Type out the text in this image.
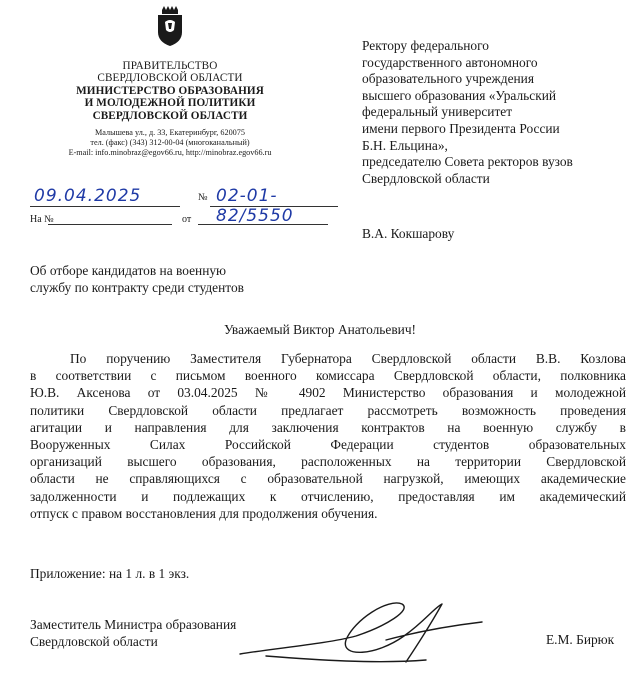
ПРАВИТЕЛЬСТВО
СВЕРДЛОВСКОЙ ОБЛАСТИ
МИНИСТЕРСТВО ОБРАЗОВАНИЯ
И МОЛОДЕЖНОЙ ПОЛИТИКИ
СВЕРДЛОВСКОЙ ОБЛАСТИ
Малышева ул., д. 33, Екатеринбург, 620075
тел. (факс) (343) 312-00-04 (многоканальный)
E-mail: info.minobraz@egov66.ru, http://minobraz.egov66.ru
09.04.2025	№ 02-01-82/5550
На №	от
Ректору федерального
государственного автономного
образовательного учреждения
высшего образования «Уральский
федеральный университет
имени первого Президента России
Б.Н. Ельцина»,
председателю Совета ректоров вузов
Свердловской области
В.А. Кокшарову
Об отборе кандидатов на военную
службу по контракту среди студентов
Уважаемый Виктор Анатольевич!
По поручению Заместителя Губернатора Свердловской области В.В. Козлова
в соответствии с письмом военного комиссара Свердловской области, полковника
Ю.В. Аксенова от 03.04.2025 № 4902 Министерство образования и молодежной
политики Свердловской области предлагает рассмотреть возможность проведения
агитации и направления для заключения контрактов на военную службу в
Вооруженных Силах Российской Федерации студентов образовательных
организаций высшего образования, расположенных на территории Свердловской
области не справляющихся с образовательной нагрузкой, имеющих академические
задолженности и подлежащих к отчислению, предоставляя им академический
отпуск с правом восстановления для продолжения обучения.
Приложение: на 1 л. в 1 экз.
Заместитель Министра образования
Свердловской области	Е.М. Бирюк
